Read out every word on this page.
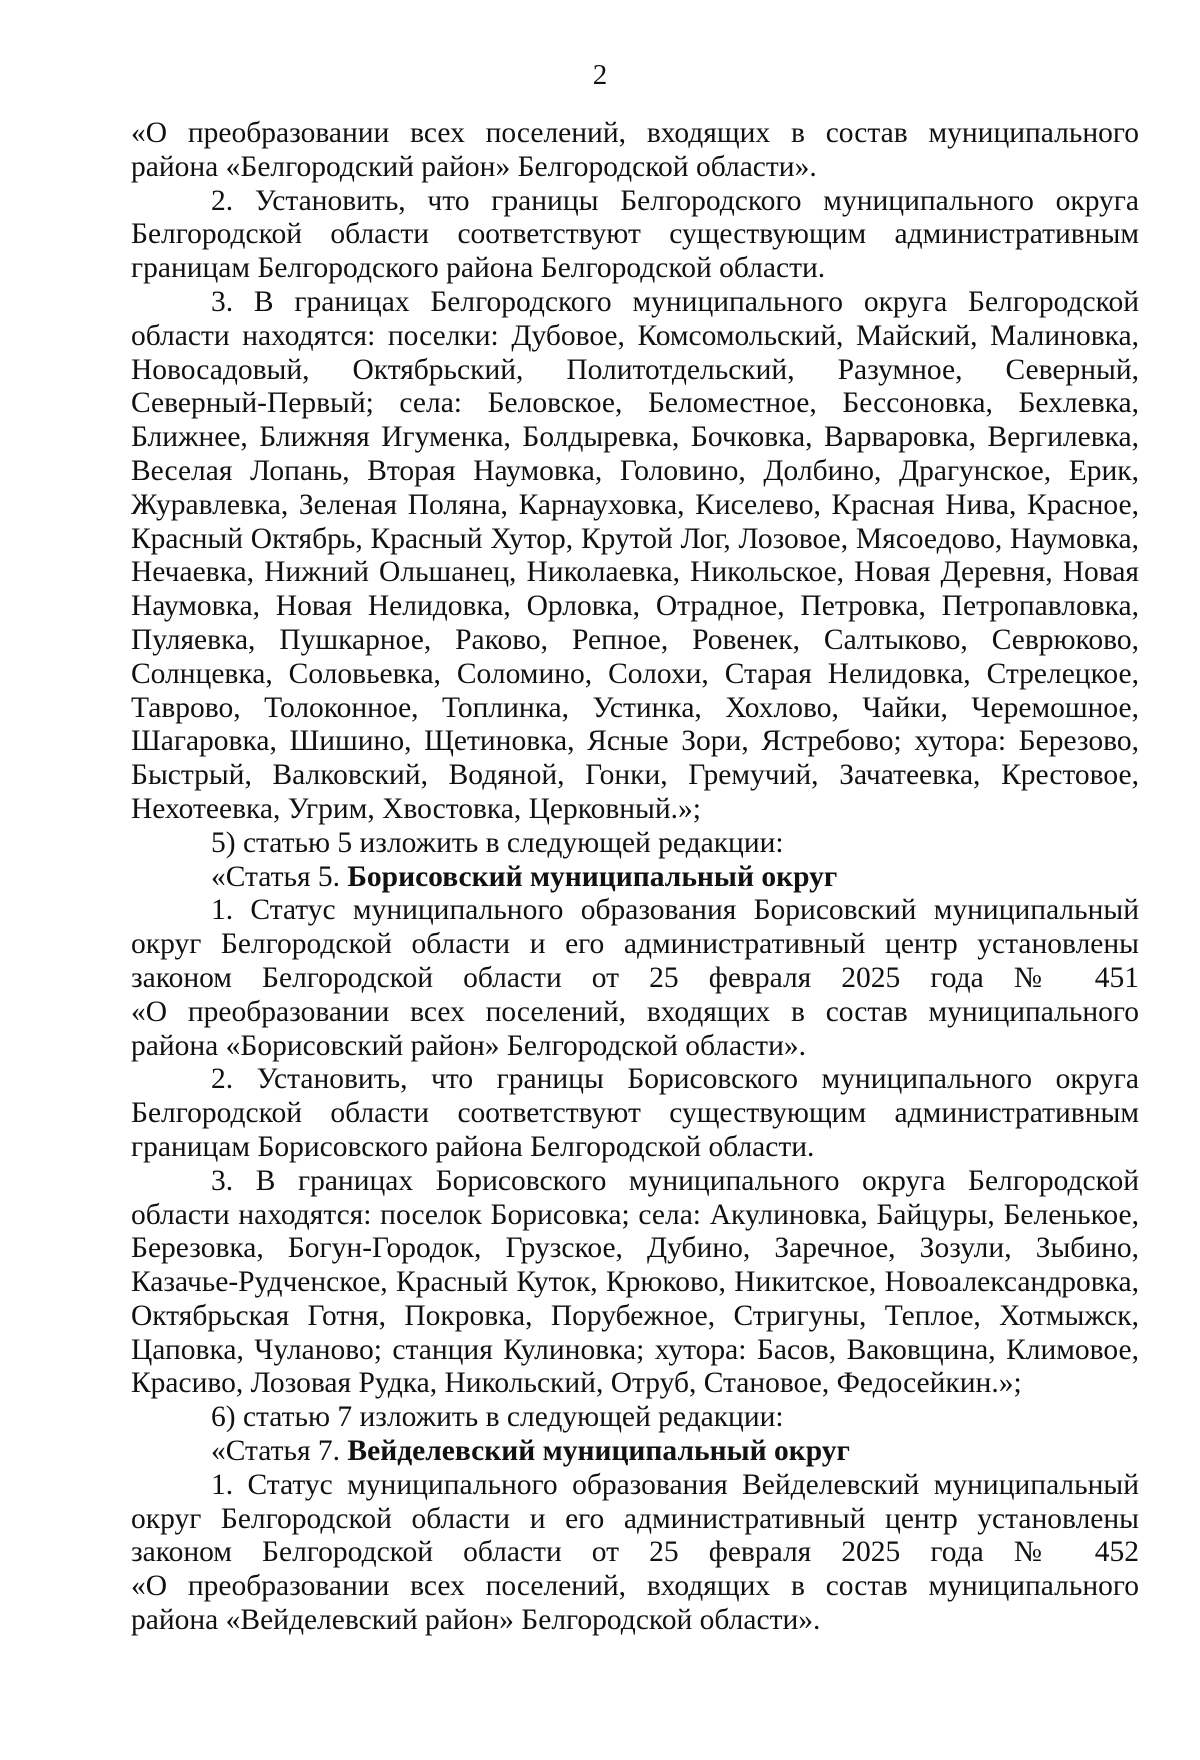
2

«О преобразовании всех поселений, входящих в состав муниципального района «Белгородский район» Белгородской области».

2. Установить, что границы Белгородского муниципального округа Белгородской области соответствуют существующим административным границам Белгородского района Белгородской области.

3. В границах Белгородского муниципального округа Белгородской области находятся: поселки: Дубовое, Комсомольский, Майский, Малиновка, Новосадовый, Октябрьский, Политотдельский, Разумное, Северный, Северный-Первый; села: Беловское, Беломестное, Бессоновка, Бехлевка, Ближнее, Ближняя Игуменка, Болдыревка, Бочковка, Варваровка, Вергилевка, Веселая Лопань, Вторая Наумовка, Головино, Долбино, Драгунское, Ерик, Журавлевка, Зеленая Поляна, Карнауховка, Киселево, Красная Нива, Красное, Красный Октябрь, Красный Хутор, Крутой Лог, Лозовое, Мясоедово, Наумовка, Нечаевка, Нижний Ольшанец, Николаевка, Никольское, Новая Деревня, Новая Наумовка, Новая Нелидовка, Орловка, Отрадное, Петровка, Петропавловка, Пуляевка, Пушкарное, Раково, Репное, Ровенек, Салтыково, Севрюково, Солнцевка, Соловьевка, Соломино, Солохи, Старая Нелидовка, Стрелецкое, Таврово, Толоконное, Топлинка, Устинка, Хохлово, Чайки, Черемошное, Шагаровка, Шишино, Щетиновка, Ясные Зори, Ястребово; хутора: Березово, Быстрый, Валковский, Водяной, Гонки, Гремучий, Зачатеевка, Крестовое, Нехотеевка, Угрим, Хвостовка, Церковный.»;

5) статью 5 изложить в следующей редакции:

«Статья 5. Борисовский муниципальный округ

1. Статус муниципального образования Борисовский муниципальный округ Белгородской области и его административный центр установлены законом Белгородской области от 25 февраля 2025 года № 451

«О преобразовании всех поселений, входящих в состав муниципального района «Борисовский район» Белгородской области».

2. Установить, что границы Борисовского муниципального округа Белгородской области соответствуют существующим административным границам Борисовского района Белгородской области.

3. В границах Борисовского муниципального округа Белгородской области находятся: поселок Борисовка; села: Акулиновка, Байцуры, Беленькое, Березовка, Богун-Городок, Грузское, Дубино, Заречное, Зозули, Зыбино, Казачье-Рудченское, Красный Куток, Крюково, Никитское, Новоалександровка, Октябрьская Готня, Покровка, Порубежное, Стригуны, Теплое, Хотмыжск, Цаповка, Чуланово; станция Кулиновка; хутора: Басов, Ваковщина, Климовое, Красиво, Лозовая Рудка, Никольский, Отруб, Становое, Федосейкин.»;

6) статью 7 изложить в следующей редакции:

«Статья 7. Вейделевский муниципальный округ

1. Статус муниципального образования Вейделевский муниципальный округ Белгородской области и его административный центр установлены законом Белгородской области от 25 февраля 2025 года № 452

«О преобразовании всех поселений, входящих в состав муниципального района «Вейделевский район» Белгородской области».
